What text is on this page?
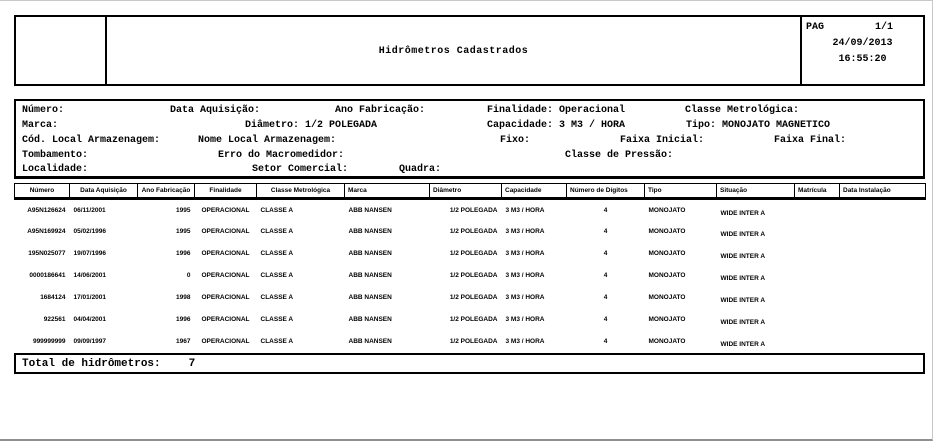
Hidrômetros Cadastrados
PAG	1/1
24/09/2013
16:55:20
Número:	Data Aquisição:	Ano Fabricação:	Finalidade: Operacional	Classe Metrológica:
Marca:	Diâmetro: 1/2 POLEGADA	Capacidade: 3 M3 / HORA	Tipo: MONOJATO MAGNETICO
Cód. Local Armazenagem:	Nome Local Armazenagem:	Fixo:	Faixa Inicial:	Faixa Final:
Tombamento:	Erro do Macromedidor:	Classe de Pressão:
Localidade:	Setor Comercial:	Quadra:
Número	Data Aquisição	Ano Fabricação	Finalidade	Classe Metrológica	Marca	Diâmetro	Capacidade	Número de Dígitos	Tipo	Situação	Matrícula	Data Instalação
A95N126624	06/11/2001	1995	OPERACIONAL	CLASSE A	ABB NANSEN	1/2 POLEGADA	3 M3 / HORA	4	MONOJATO	WIDE INTER A		
A95N169924	05/02/1996	1995	OPERACIONAL	CLASSE A	ABB NANSEN	1/2 POLEGADA	3 M3 / HORA	4	MONOJATO	WIDE INTER A		
195N025077	19/07/1996	1996	OPERACIONAL	CLASSE A	ABB NANSEN	1/2 POLEGADA	3 M3 / HORA	4	MONOJATO	WIDE INTER A		
0000186641	14/06/2001	0	OPERACIONAL	CLASSE A	ABB NANSEN	1/2 POLEGADA	3 M3 / HORA	4	MONOJATO	WIDE INTER A		
1684124	17/01/2001	1998	OPERACIONAL	CLASSE A	ABB NANSEN	1/2 POLEGADA	3 M3 / HORA	4	MONOJATO	WIDE INTER A		
922561	04/04/2001	1996	OPERACIONAL	CLASSE A	ABB NANSEN	1/2 POLEGADA	3 M3 / HORA	4	MONOJATO	WIDE INTER A		
999999999	09/09/1997	1967	OPERACIONAL	CLASSE A	ABB NANSEN	1/2 POLEGADA	3 M3 / HORA	4	MONOJATO	WIDE INTER A		
Total de hidrômetros:	7
